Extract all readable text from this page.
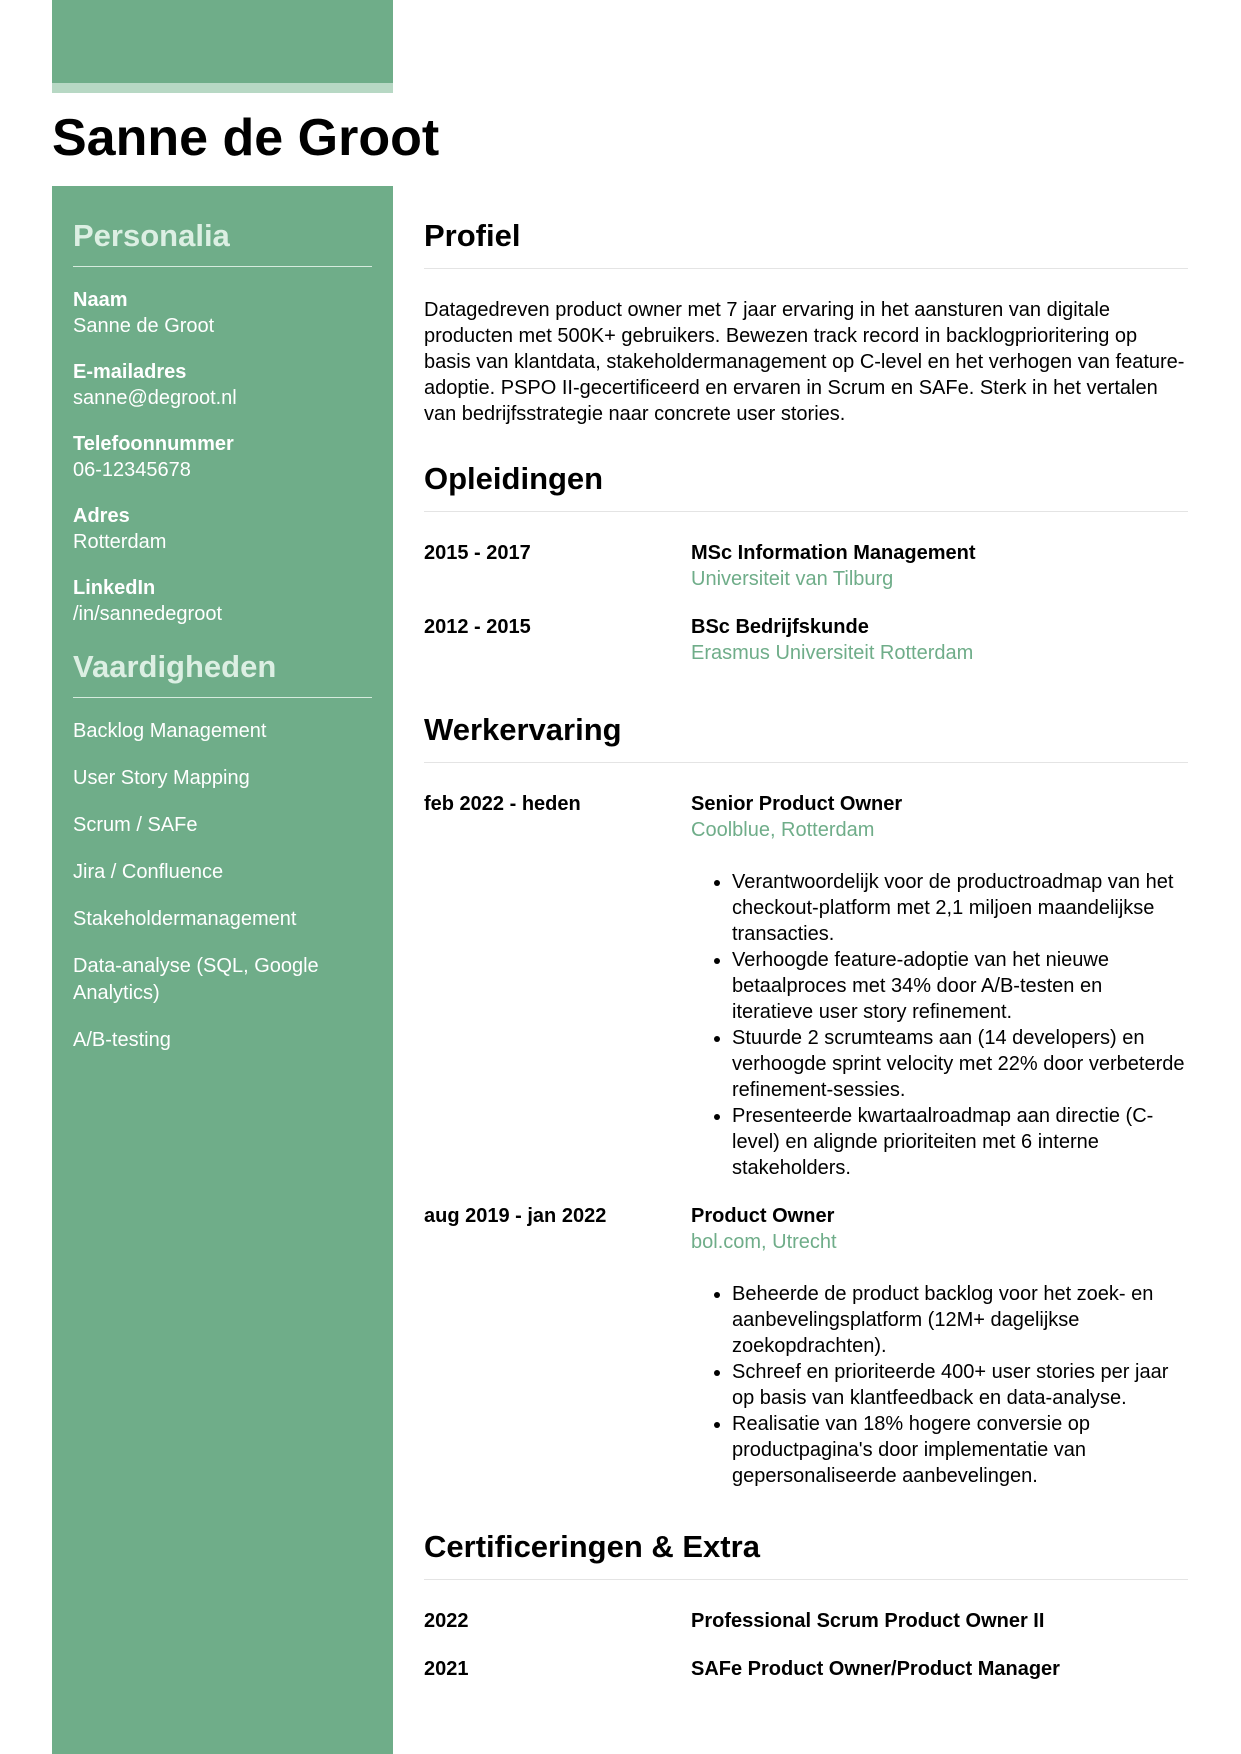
Sanne de Groot
Personalia
Naam
Sanne de Groot
E-mailadres
sanne@degroot.nl
Telefoonnummer
06-12345678
Adres
Rotterdam
LinkedIn
/in/sannedegroot
Vaardigheden
Backlog Management
User Story Mapping
Scrum / SAFe
Jira / Confluence
Stakeholdermanagement
Data-analyse (SQL, Google Analytics)
A/B-testing
Profiel

Datagedreven product owner met 7 jaar ervaring in het aansturen van digitale producten met 500K+ gebruikers. Bewezen track record in backlogprioritering op basis van klantdata, stakeholdermanagement op C-level en het verhogen van feature-adoptie. PSPO II-gecertificeerd en ervaren in Scrum en SAFe. Sterk in het vertalen van bedrijfsstrategie naar concrete user stories.

Opleidingen
2015 - 2017	MSc Information Management
Universiteit van Tilburg
2012 - 2015	BSc Bedrijfskunde
Erasmus Universiteit Rotterdam
Werkervaring
feb 2022 - heden	Senior Product Owner
Coolblue, Rotterdam
• Verantwoordelijk voor de productroadmap van het checkout-platform met 2,1 miljoen maandelijkse transacties.
• Verhoogde feature-adoptie van het nieuwe betaalproces met 34% door A/B-testen en iteratieve user story refinement.
• Stuurde 2 scrumteams aan (14 developers) en verhoogde sprint velocity met 22% door verbeterde refinement-sessies.
• Presenteerde kwartaalroadmap aan directie (C-level) en alignde prioriteiten met 6 interne stakeholders.
aug 2019 - jan 2022	Product Owner
bol.com, Utrecht
• Beheerde de product backlog voor het zoek- en aanbevelingsplatform (12M+ dagelijkse zoekopdrachten).
• Schreef en prioriteerde 400+ user stories per jaar op basis van klantfeedback en data-analyse.
• Realisatie van 18% hogere conversie op productpagina's door implementatie van gepersonaliseerde aanbevelingen.
Certificeringen & Extra
2022	Professional Scrum Product Owner II
2021	SAFe Product Owner/Product Manager
